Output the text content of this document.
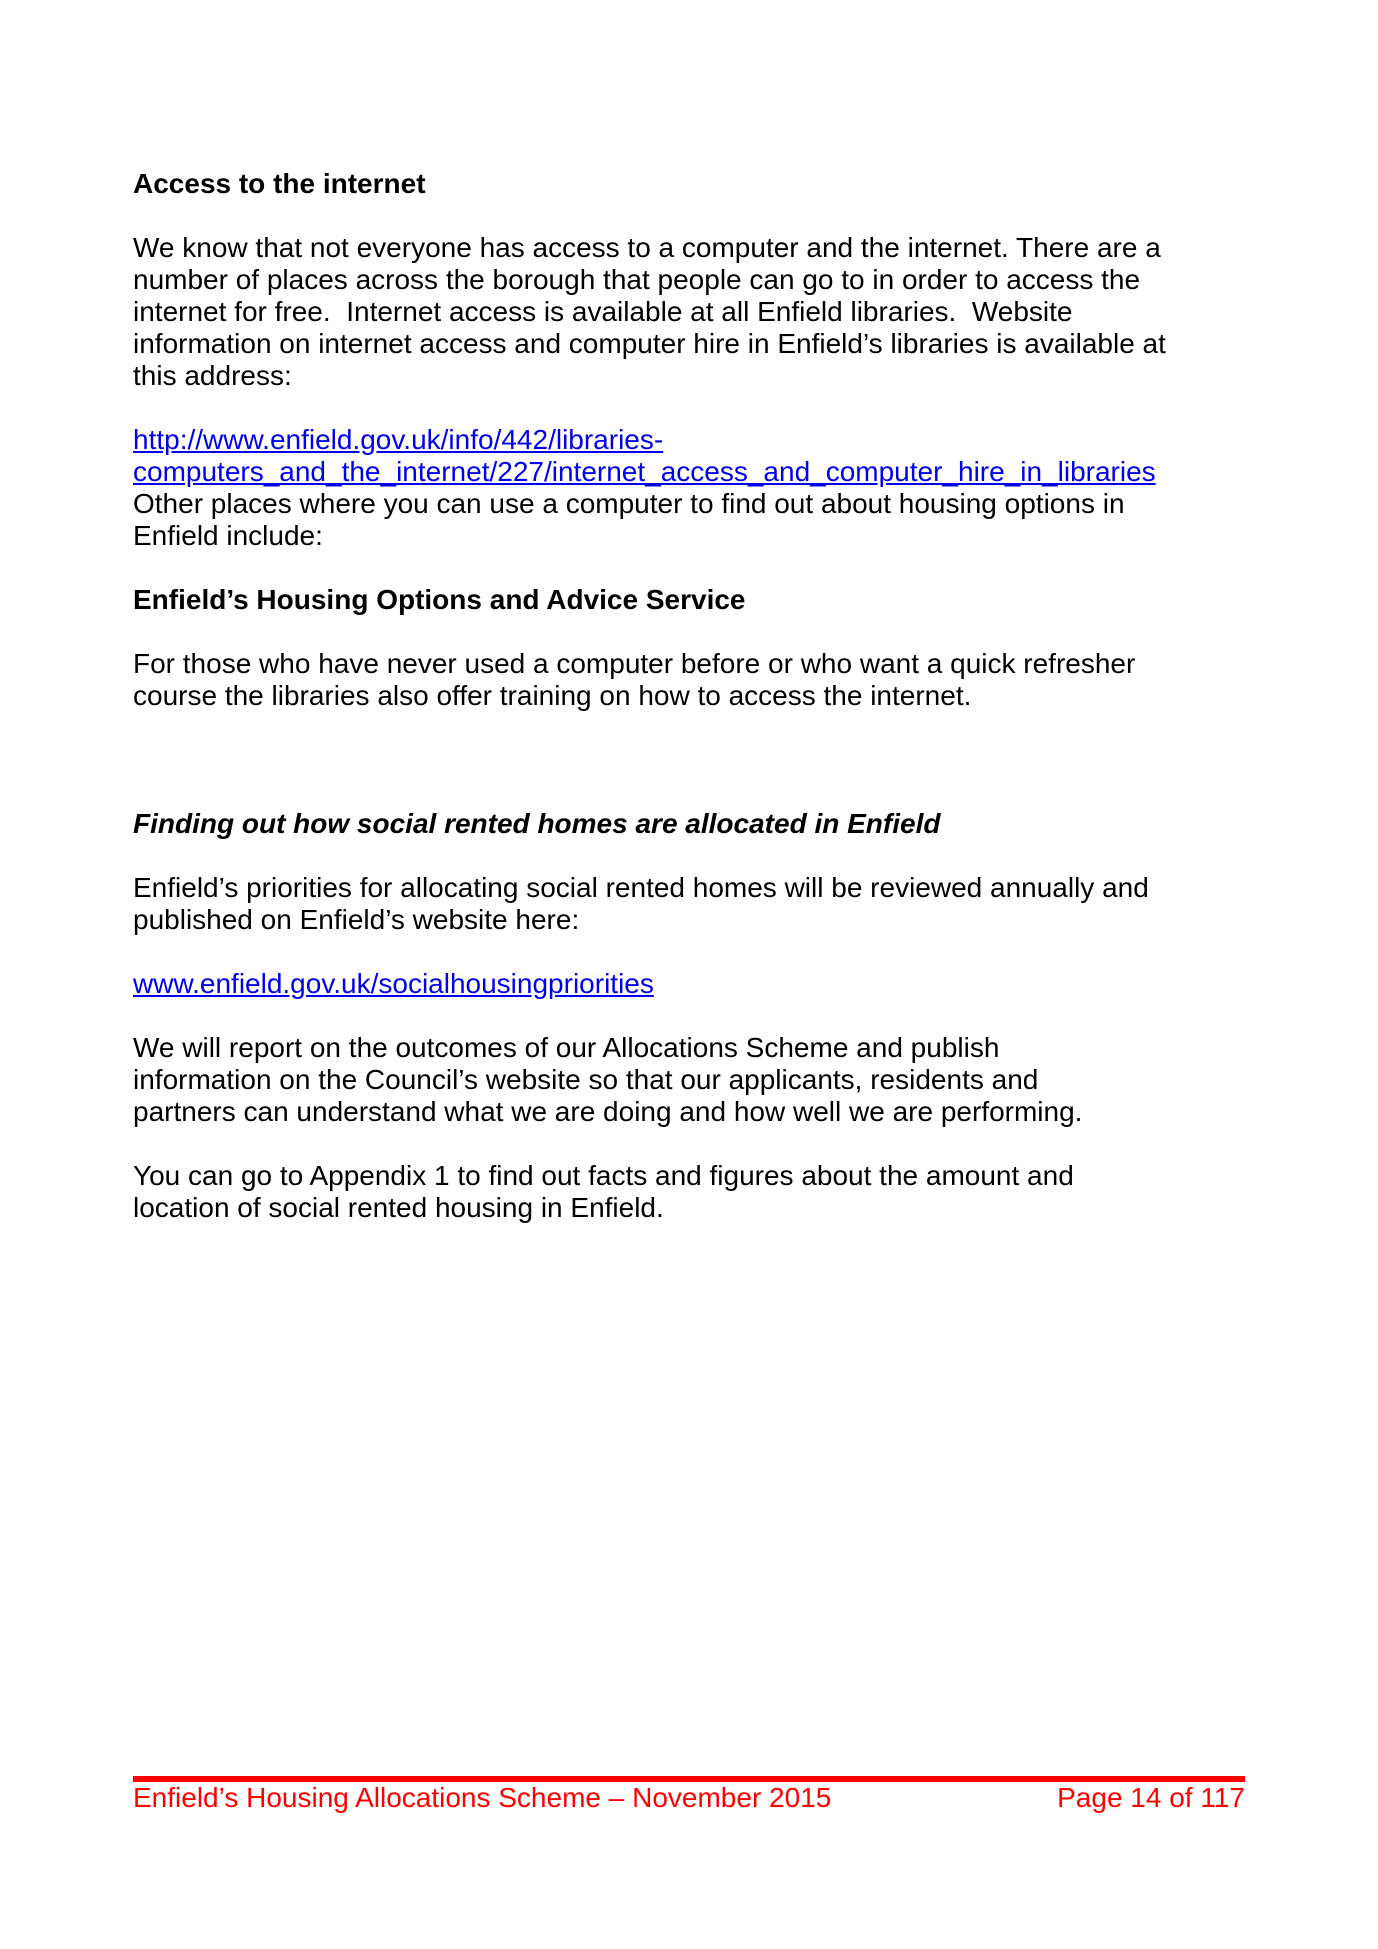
Access to the internet
We know that not everyone has access to a computer and the internet. There are a
number of places across the borough that people can go to in order to access the
internet for free.  Internet access is available at all Enfield libraries.  Website
information on internet access and computer hire in Enfield’s libraries is available at
this address:
http://www.enfield.gov.uk/info/442/libraries-
computers_and_the_internet/227/internet_access_and_computer_hire_in_libraries
Other places where you can use a computer to find out about housing options in
Enfield include:
Enfield’s Housing Options and Advice Service
For those who have never used a computer before or who want a quick refresher
course the libraries also offer training on how to access the internet.
Finding out how social rented homes are allocated in Enfield
Enfield’s priorities for allocating social rented homes will be reviewed annually and
published on Enfield’s website here:
www.enfield.gov.uk/socialhousingpriorities
We will report on the outcomes of our Allocations Scheme and publish
information on the Council’s website so that our applicants, residents and
partners can understand what we are doing and how well we are performing.
You can go to Appendix 1 to find out facts and figures about the amount and
location of social rented housing in Enfield.
Enfield’s Housing Allocations Scheme – November 2015	Page 14 of 117
